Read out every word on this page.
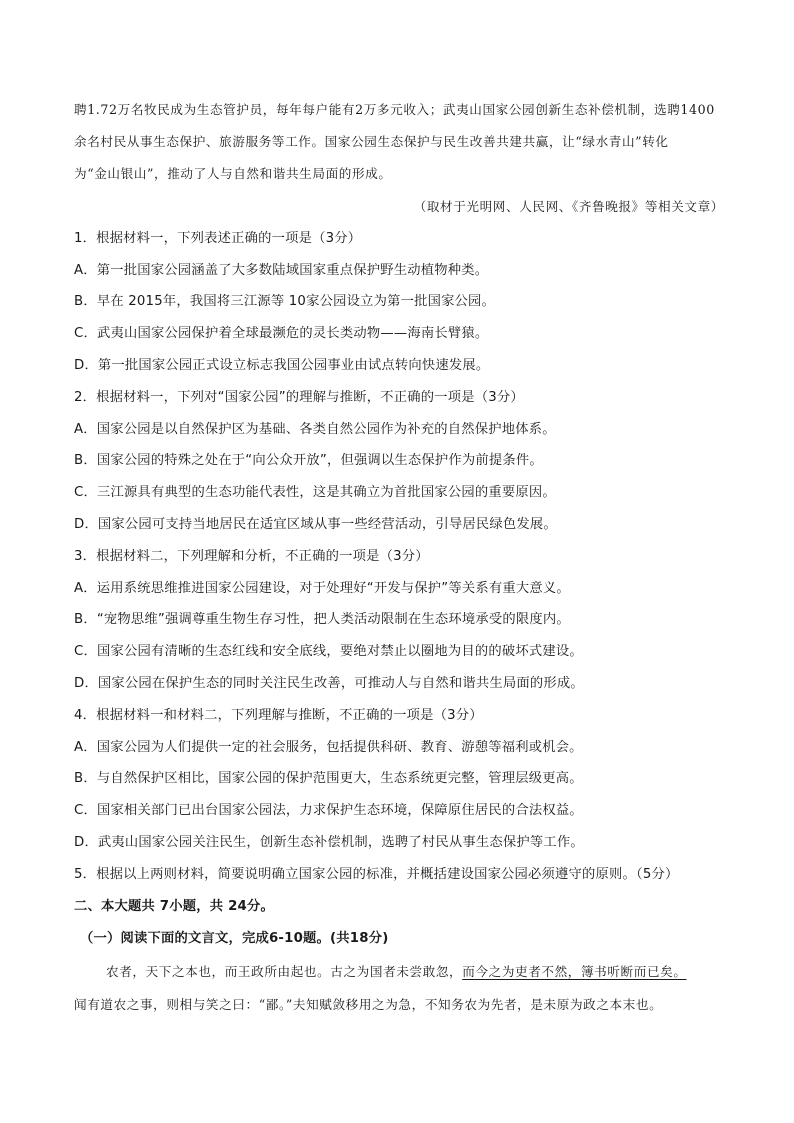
聘1.72万名牧民成为生态管护员，每年每户能有2万多元收入；武夷山国家公园创新生态补偿机制，选聘1400
余名村民从事生态保护、旅游服务等工作。国家公园生态保护与民生改善共建共赢，让“绿水青山”转化
为“金山银山”，推动了人与自然和谐共生局面的形成。
（取材于光明网、人民网、《齐鲁晚报》等相关文章）
1．根据材料一，下列表述正确的一项是（3分）
A．第一批国家公园涵盖了大多数陆域国家重点保护野生动植物种类。
B．早在 2015年，我国将三江源等 10家公园设立为第一批国家公园。
C．武夷山国家公园保护着全球最濒危的灵长类动物——海南长臂猿。
D．第一批国家公园正式设立标志我国公园事业由试点转向快速发展。
2．根据材料一，下列对“国家公园”的理解与推断，不正确的一项是（3分）
A．国家公园是以自然保护区为基础、各类自然公园作为补充的自然保护地体系。
B．国家公园的特殊之处在于“向公众开放”，但强调以生态保护作为前提条件。
C．三江源具有典型的生态功能代表性，这是其确立为首批国家公园的重要原因。
D．国家公园可支持当地居民在适宜区域从事一些经营活动，引导居民绿色发展。
3．根据材料二，下列理解和分析，不正确的一项是（3分）
A．运用系统思维推进国家公园建设，对于处理好“开发与保护”等关系有重大意义。
B．“宠物思维”强调尊重生物生存习性，把人类活动限制在生态环境承受的限度内。
C．国家公园有清晰的生态红线和安全底线，要绝对禁止以圈地为目的的破坏式建设。
D．国家公园在保护生态的同时关注民生改善，可推动人与自然和谐共生局面的形成。
4．根据材料一和材料二，下列理解与推断，不正确的一项是（3分）
A．国家公园为人们提供一定的社会服务，包括提供科研、教育、游憩等福利或机会。
B．与自然保护区相比，国家公园的保护范围更大，生态系统更完整，管理层级更高。
C．国家相关部门已出台国家公园法，力求保护生态环境，保障原住居民的合法权益。
D．武夷山国家公园关注民生，创新生态补偿机制，选聘了村民从事生态保护等工作。
5．根据以上两则材料，简要说明确立国家公园的标准，并概括建设国家公园必须遵守的原则。（5分）
二、本大题共 7小题，共 24分。
（一）阅读下面的文言文，完成6-10题。(共18分)
农者，天下之本也，而王政所由起也。古之为国者未尝敢忽，而今之为吏者不然，簿书听断而已矣。
闻有道农之事，则相与笑之曰：“鄙。”夫知赋敛移用之为急，不知务农为先者，是未原为政之本末也。
